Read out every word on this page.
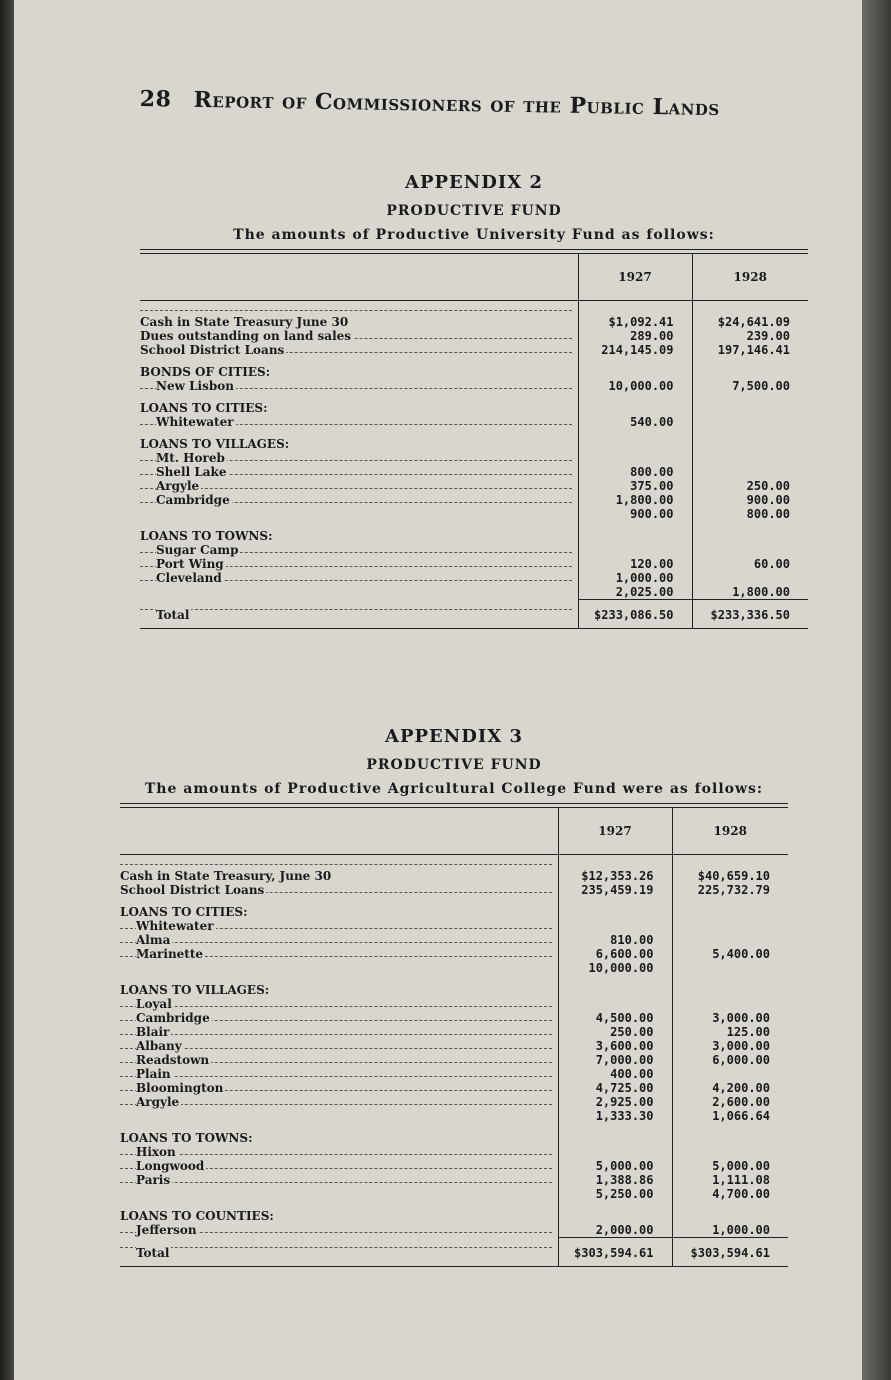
28 Report of Commissioners of the Public Lands
APPENDIX 2
PRODUCTIVE FUND
The amounts of Productive University Fund as follows:
	1927	1928
Cash in State Treasury June 30	$1,092.41	$24,641.09
Dues outstanding on land sales	289.00	239.00
School District Loans	214,145.09	197,146.41
BONDS OF CITIES:		
New Lisbon	10,000.00	7,500.00
LOANS TO CITIES:		
Whitewater	540.00	
LOANS TO VILLAGES:		
Mt. Horeb		
Shell Lake	800.00	
Argyle	375.00	250.00
Cambridge	1,800.00	900.00
	900.00	800.00
LOANS TO TOWNS:		
Sugar Camp		
Port Wing	120.00	60.00
Cleveland	1,000.00	
	2,025.00	1,800.00
Total	$233,086.50	$233,336.50
APPENDIX 3
PRODUCTIVE FUND
The amounts of Productive Agricultural College Fund were as follows:
	1927	1928
Cash in State Treasury, June 30	$12,353.26	$40,659.10
School District Loans	235,459.19	225,732.79
LOANS TO CITIES:		
Whitewater		
Alma	810.00	
Marinette	6,600.00	5,400.00
	10,000.00	
LOANS TO VILLAGES:		
Loyal		
Cambridge	4,500.00	3,000.00
Blair	250.00	125.00
Albany	3,600.00	3,000.00
Readstown	7,000.00	6,000.00
Plain	400.00	
Bloomington	4,725.00	4,200.00
Argyle	2,925.00	2,600.00
	1,333.30	1,066.64
LOANS TO TOWNS:		
Hixon		
Longwood	5,000.00	5,000.00
Paris	1,388.86	1,111.08
	5,250.00	4,700.00
LOANS TO COUNTIES:		
Jefferson	2,000.00	1,000.00
Total	$303,594.61	$303,594.61
